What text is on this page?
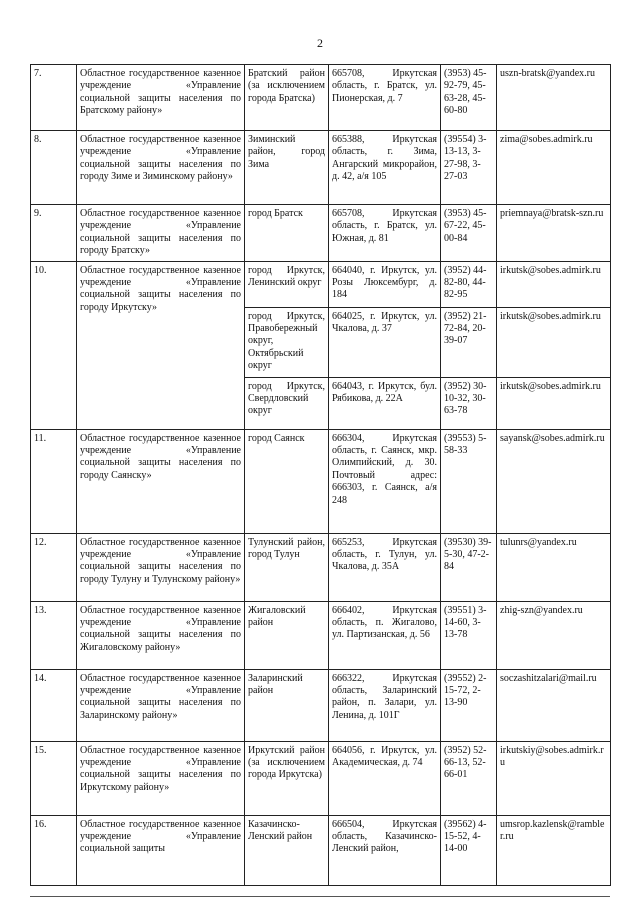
2
7.	Областное государственное казенное учреждение «Управление социальной защиты населения по Братскому району»	Братский район (за исключением города Братска)	665708, Иркутская область, г. Братск, ул. Пионерская, д. 7	(3953) 45-92-79, 45-63-28, 45-60-80	uszn-bratsk@yandex.ru
8.	Областное государственное казенное учреждение «Управление социальной защиты населения по городу Зиме и Зиминскому району»	Зиминский район, город Зима	665388, Иркутская область, г. Зима, Ангарский микрорайон, д. 42, а/я 105	(39554) 3-13-13, 3-27-98, 3-27-03	zima@sobes.admirk.ru
9.	Областное государственное казенное учреждение «Управление социальной защиты населения по городу Братску»	город Братск	665708, Иркутская область, г. Братск, ул. Южная, д. 81	(3953) 45-67-22, 45-00-84	priemnaya@bratsk-szn.ru
10.	Областное государственное казенное учреждение «Управление социальной защиты населения по городу Иркутску»	город Иркутск, Ленинский округ	664040, г. Иркутск, ул. Розы Люксембург, д. 184	(3952) 44-82-80, 44-82-95	irkutsk@sobes.admirk.ru
		город Иркутск, Правобережный округ, Октябрьский округ	664025, г. Иркутск, ул. Чкалова, д. 37	(3952) 21-72-84, 20-39-07	irkutsk@sobes.admirk.ru
		город Иркутск, Свердловский округ	664043, г. Иркутск, бул. Рябикова, д. 22А	(3952) 30-10-32, 30-63-78	irkutsk@sobes.admirk.ru
11.	Областное государственное казенное учреждение «Управление социальной защиты населения по городу Саянску»	город Саянск	666304, Иркутская область, г. Саянск, мкр. Олимпийский, д. 30. Почтовый адрес: 666303, г. Саянск, а/я 248	(39553) 5-58-33	sayansk@sobes.admirk.ru
12.	Областное государственное казенное учреждение «Управление социальной защиты населения по городу Тулуну и Тулунскому району»	Тулунский район, город Тулун	665253, Иркутская область, г. Тулун, ул. Чкалова, д. 35А	(39530) 39-5-30, 47-2-84	tulunrs@yandex.ru
13.	Областное государственное казенное учреждение «Управление социальной защиты населения по Жигаловскому району»	Жигаловский район	666402, Иркутская область, п. Жигалово, ул. Партизанская, д. 56	(39551) 3-14-60, 3-13-78	zhig-szn@yandex.ru
14.	Областное государственное казенное учреждение «Управление социальной защиты населения по Заларинскому району»	Заларинский район	666322, Иркутская область, Заларинский район, п. Залари, ул. Ленина, д. 101Г	(39552) 2-15-72, 2-13-90	soczashitzalari@mail.ru
15.	Областное государственное казенное учреждение «Управление социальной защиты населения по Иркутскому району»	Иркутский район (за исключением города Иркутска)	664056, г. Иркутск, ул. Академическая, д. 74	(3952) 52-66-13, 52-66-01	irkutskiy@sobes.admirk.ru
16.	Областное государственное казенное учреждение «Управление социальной защиты	Казачинско-Ленский район	666504, Иркутская область, Казачинско-Ленский район,	(39562) 4-15-52, 4-14-00	umsrop.kazlensk@rambler.ru
